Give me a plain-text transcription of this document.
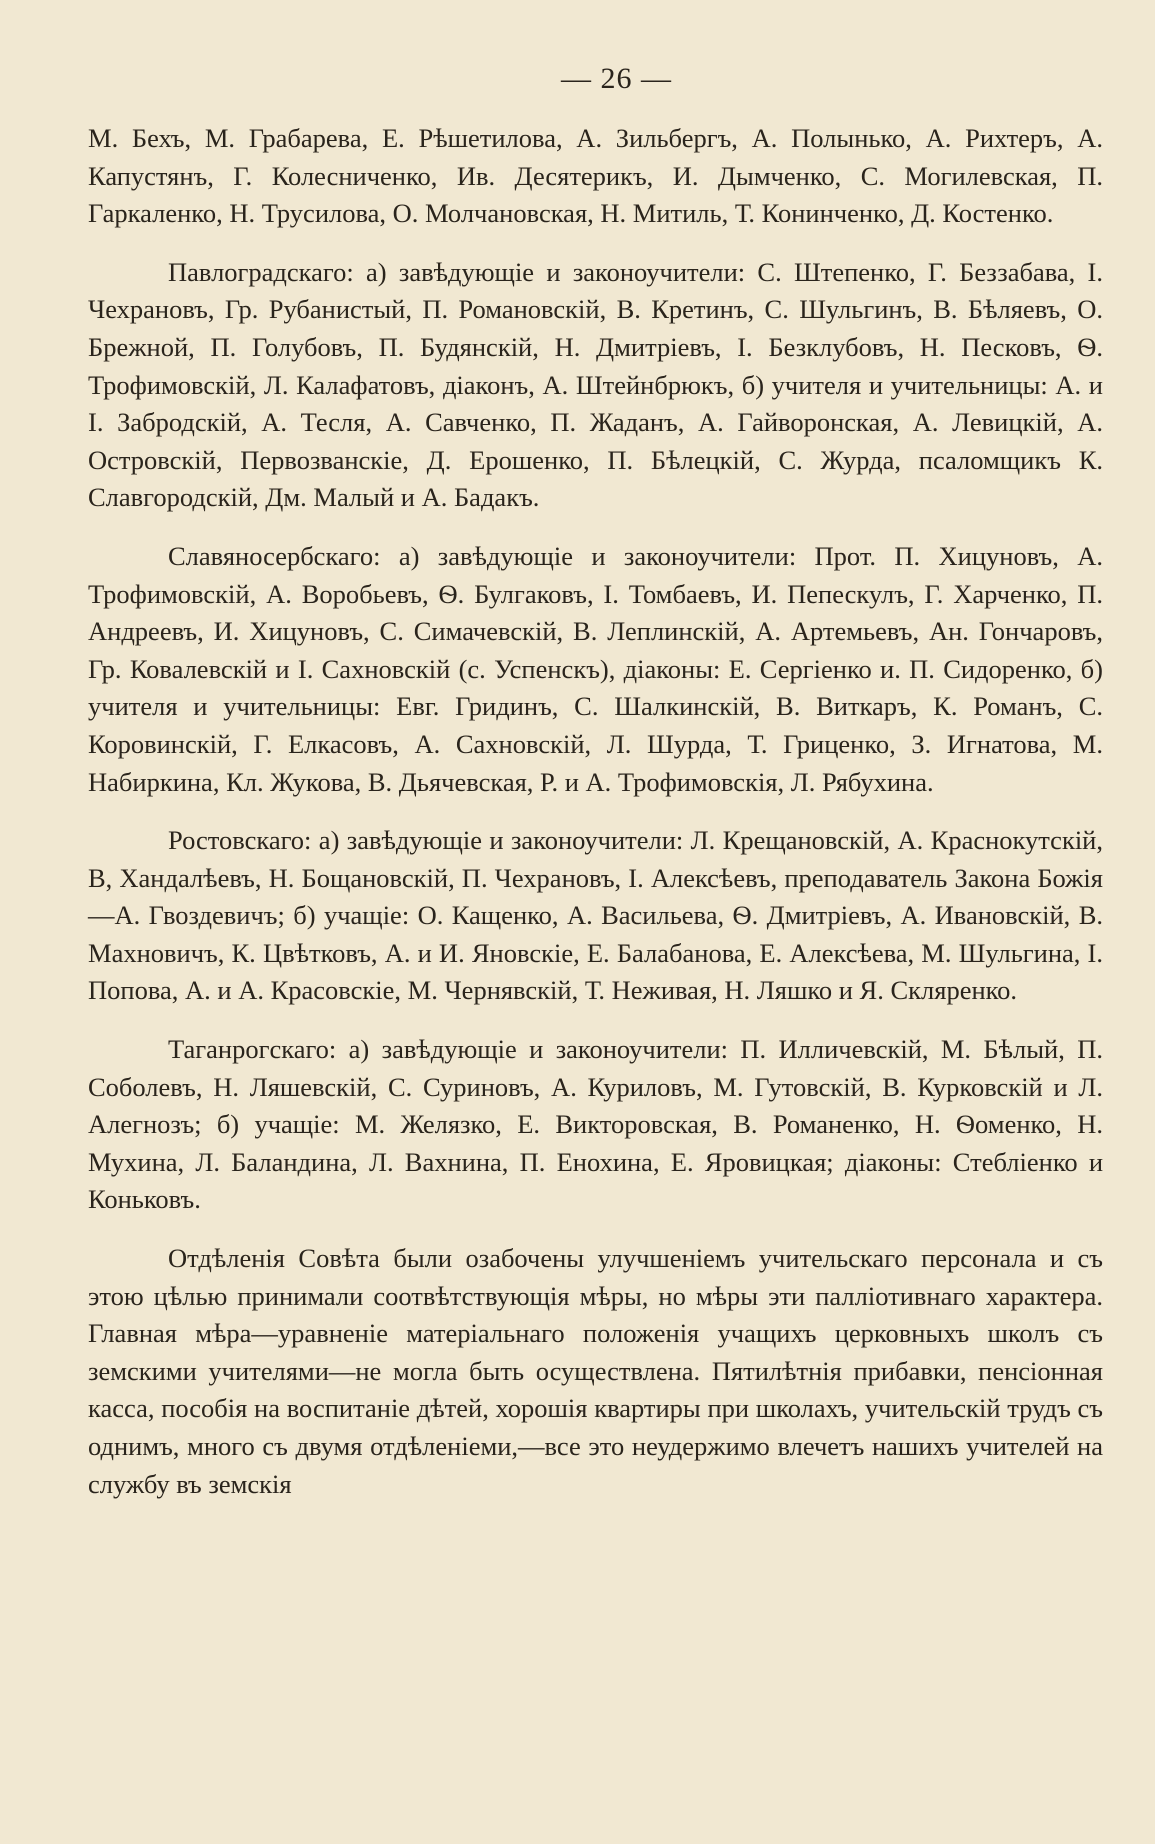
— 26 —

М. Бехъ, М. Грабарева, Е. Рѣшетилова, А. Зильбергъ, А. Полынько, А. Рихтеръ, А. Капустянъ, Г. Колесниченко, Ив. Десятерикъ, И. Дымченко, С. Могилевская, П. Гаркаленко, Н. Трусилова, О. Молчановская, Н. Митиль, Т. Конинченко, Д. Костенко.

Павлоградскаго: а) завѣдующіе и законоучители: С. Штепенко, Г. Беззабава, І. Чехрановъ, Гр. Рубанистый, П. Романовскій, В. Кретинъ, С. Шульгинъ, В. Бѣляевъ, О. Брежной, П. Голубовъ, П. Будянскій, Н. Дмитріевъ, І. Безклубовъ, Н. Песковъ, Ѳ. Трофимовскій, Л. Калафатовъ, діаконъ, А. Штейнбрюкъ, б) учителя и учительницы: А. и І. Забродскій, А. Тесля, А. Савченко, П. Жаданъ, А. Гайворонская, А. Левицкій, А. Островскій, Первозванскіе, Д. Ерошенко, П. Бѣлецкій, С. Журда, псаломщикъ К. Славгородскій, Дм. Малый и А. Бадакъ.

Славяносербскаго: а) завѣдующіе и законоучители: Прот. П. Хицуновъ, А. Трофимовскій, А. Воробьевъ, Ѳ. Булгаковъ, І. Томбаевъ, И. Пепескулъ, Г. Харченко, П. Андреевъ, И. Хицуновъ, С. Симачевскій, В. Леплинскій, А. Артемьевъ, Ан. Гончаровъ, Гр. Ковалевскій и І. Сахновскій (с. Успенскъ), діаконы: Е. Сергіенко и. П. Сидоренко, б) учителя и учительницы: Евг. Гридинъ, С. Шалкинскій, В. Виткаръ, К. Романъ, С. Коровинскій, Г. Елкасовъ, А. Сахновскій, Л. Шурда, Т. Гриценко, З. Игнатова, М. Набиркина, Кл. Жукова, В. Дьячевская, Р. и А. Трофимовскія, Л. Рябухина.

Ростовскаго: а) завѣдующіе и законоучители: Л. Крещановскій, А. Краснокутскій, В, Хандалѣевъ, Н. Бощановскій, П. Чехрановъ, І. Алексѣевъ, преподаватель Закона Божія—А. Гвоздевичъ; б) учащіе: О. Кащенко, А. Васильева, Ѳ. Дмитріевъ, А. Ивановскій, В. Махновичъ, К. Цвѣтковъ, А. и И. Яновскіе, Е. Балабанова, Е. Алексѣева, М. Шульгина, І. Попова, А. и А. Красовскіе, М. Чернявскій, Т. Неживая, Н. Ляшко и Я. Скляренко.

Таганрогскаго: а) завѣдующіе и законоучители: П. Илличевскій, М. Бѣлый, П. Соболевъ, Н. Ляшевскій, С. Суриновъ, А. Куриловъ, М. Гутовскій, В. Курковскій и Л. Алегнозъ; б) учащіе: М. Желязко, Е. Викторовская, В. Романенко, Н. Ѳоменко, Н. Мухина, Л. Баландина, Л. Вахнина, П. Енохина, Е. Яровицкая; діаконы: Стебліенко и Коньковъ.

Отдѣленія Совѣта были озабочены улучшеніемъ учительскаго персонала и съ этою цѣлью принимали соотвѣтствующія мѣры, но мѣры эти палліотивнаго характера. Главная мѣра—уравненіе матеріальнаго положенія учащихъ церковныхъ школъ съ земскими учителями—не могла быть осуществлена. Пятилѣтнія прибавки, пенсіонная касса, пособія на воспитаніе дѣтей, хорошія квартиры при школахъ, учительскій трудъ съ однимъ, много съ двумя отдѣленіеми,—все это неудержимо влечетъ нашихъ учителей на службу въ земскія
